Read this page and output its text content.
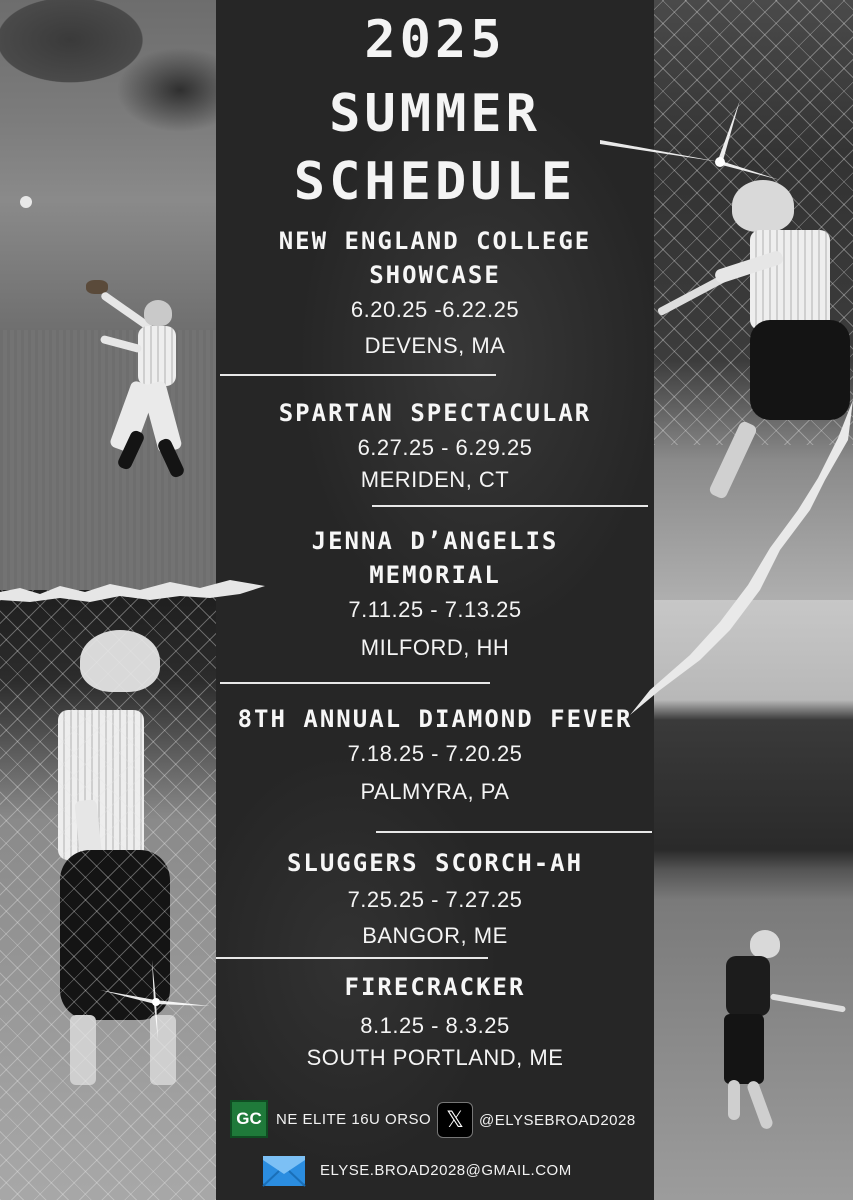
2025
SUMMER
SCHEDULE
NEW ENGLAND COLLEGE
SHOWCASE
6.20.25 -6.22.25
DEVENS, MA
SPARTAN SPECTACULAR
6.27.25 - 6.29.25
MERIDEN, CT
JENNA D’ANGELIS
MEMORIAL
7.11.25 - 7.13.25
MILFORD, HH
8TH ANNUAL DIAMOND FEVER
7.18.25 - 7.20.25
PALMYRA, PA
SLUGGERS SCORCH-AH
7.25.25 - 7.27.25
BANGOR, ME
FIRECRACKER
8.1.25 - 8.3.25
SOUTH PORTLAND, ME
GC NE ELITE 16U ORSO 𝕏	@ELYSEBROAD2028
ELYSE.BROAD2028@GMAIL.COM
